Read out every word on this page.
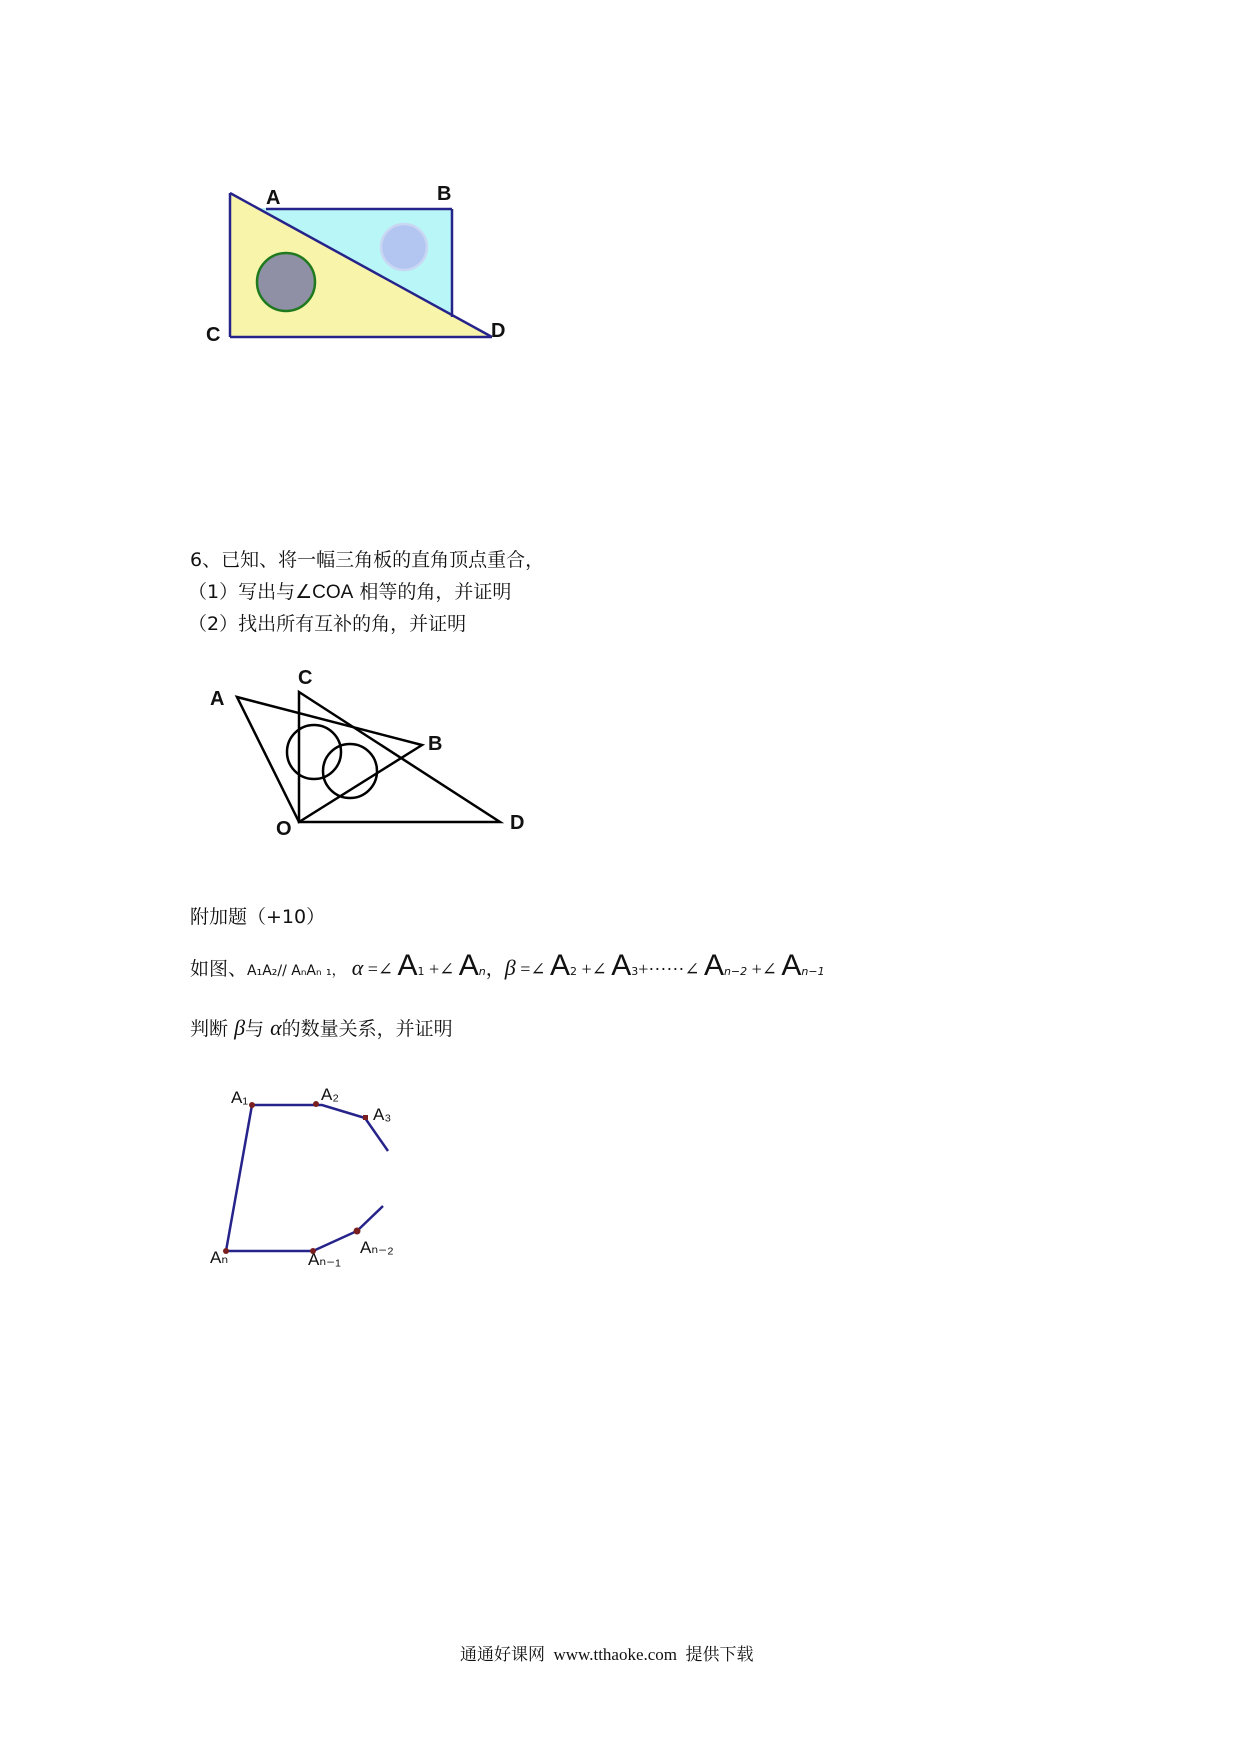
A	B
C	D
6、已知、将一幅三角板的直角顶点重合，
（1）写出与∠COA 相等的角，并证明
（2）找出所有互补的角，并证明
A
C
B
O	D
附加题（+10）
如图、A₁A₂// AₙAₙ ₁， α =∠ A1 +∠ An，β =∠ A2 +∠ A3+······∠ An−2 +∠ An−1
判断 β与 α的数量关系，并证明
A₁	A₂
A₃
Aₙ	Aₙ₋₁
Aₙ₋₂
通通好课网  www.tthaoke.com  提供下载
